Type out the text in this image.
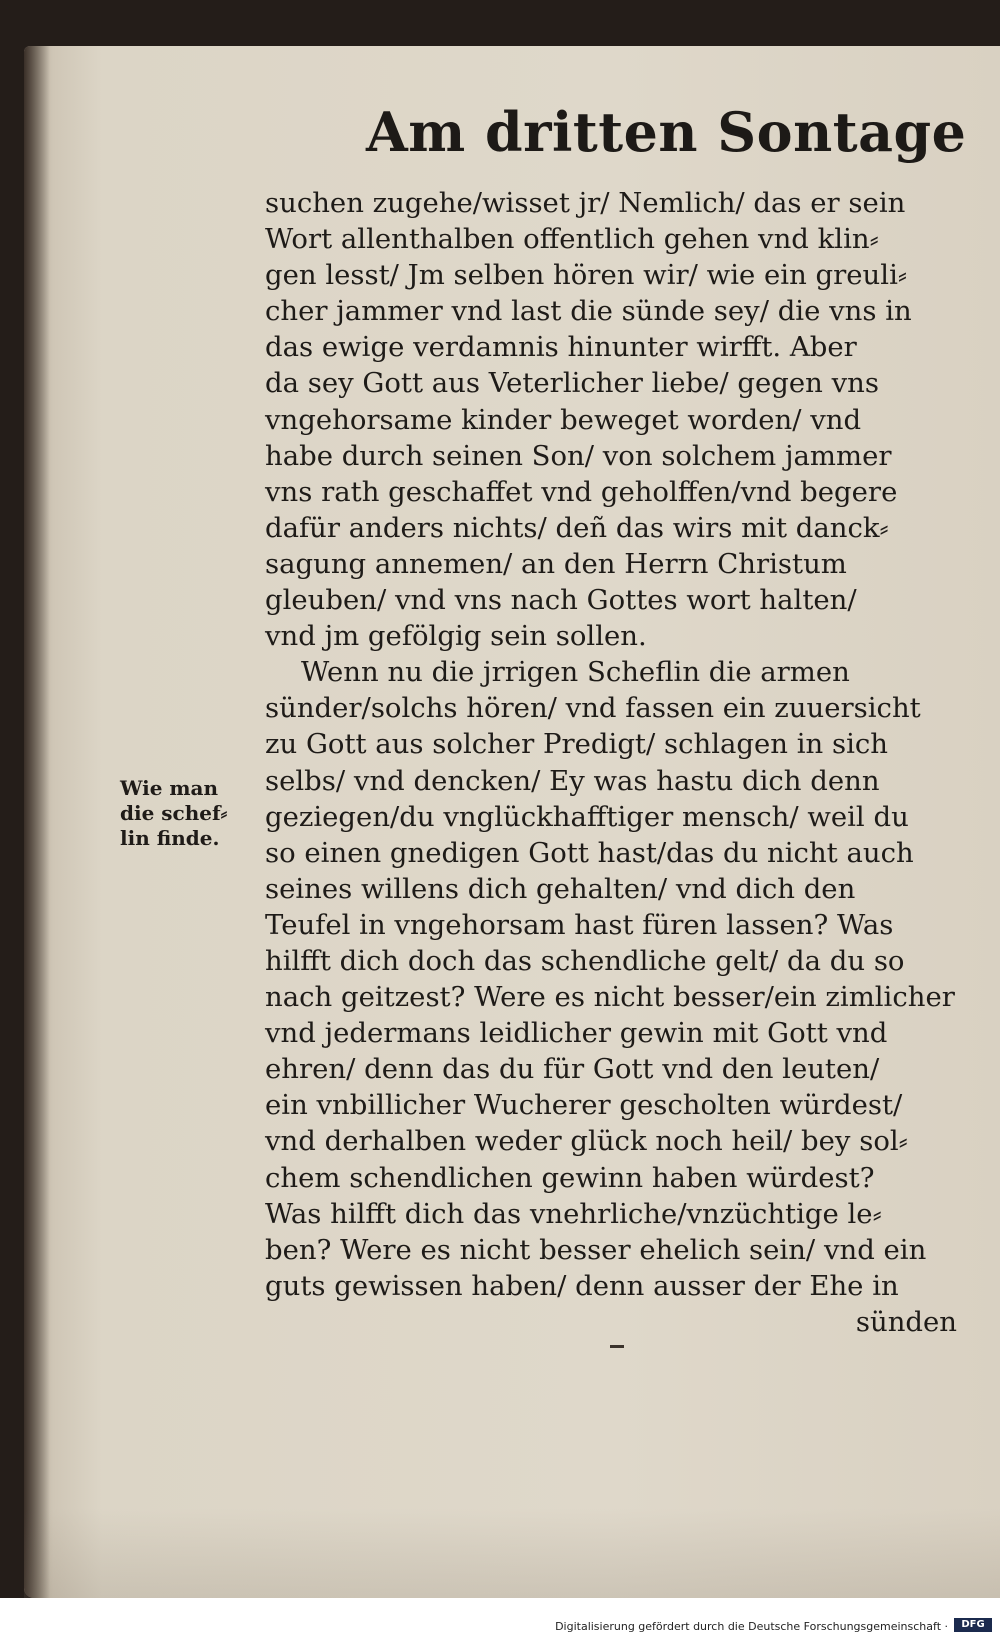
Am dritten Sontage
suchen zugehe/wisset jr/ Nemlich/ das er sein
Wort allenthalben offentlich gehen vnd klin⸗
gen lesst/ Jm selben hören wir/ wie ein greuli⸗
cher jammer vnd last die sünde sey/ die vns in
das ewige verdamnis hinunter wirfft. Aber
da sey Gott aus Veterlicher liebe/ gegen vns
vngehorsame kinder beweget worden/ vnd
habe durch seinen Son/ von solchem jammer
vns rath geschaffet vnd geholffen/vnd begere
dafür anders nichts/ deñ das wirs mit danck⸗
sagung annemen/ an den Herrn Christum
gleuben/ vnd vns nach Gottes wort halten/
vnd jm gefölgig sein sollen.
Wenn nu die jrrigen Scheflin die armen
sünder/solchs hören/ vnd fassen ein zuuersicht
zu Gott aus solcher Predigt/ schlagen in sich
selbs/ vnd dencken/ Ey was hastu dich denn
geziegen/du vnglückhafftiger mensch/ weil du
so einen gnedigen Gott hast/das du nicht auch
seines willens dich gehalten/ vnd dich den
Teufel in vngehorsam hast füren lassen? Was
hilfft dich doch das schendliche gelt/ da du so
nach geitzest? Were es nicht besser/ein zimlicher
vnd jedermans leidlicher gewin mit Gott vnd
ehren/ denn das du für Gott vnd den leuten/
ein vnbillicher Wucherer gescholten würdest/
vnd derhalben weder glück noch heil/ bey sol⸗
chem schendlichen gewinn haben würdest?
Was hilfft dich das vnehrliche/vnzüchtige le⸗
ben? Were es nicht besser ehelich sein/ vnd ein
guts gewissen haben/ denn ausser der Ehe in
sünden
Wie man
die schef⸗
lin finde.
Digitalisierung gefördert durch die Deutsche Forschungsgemeinschaft ·	DFG
